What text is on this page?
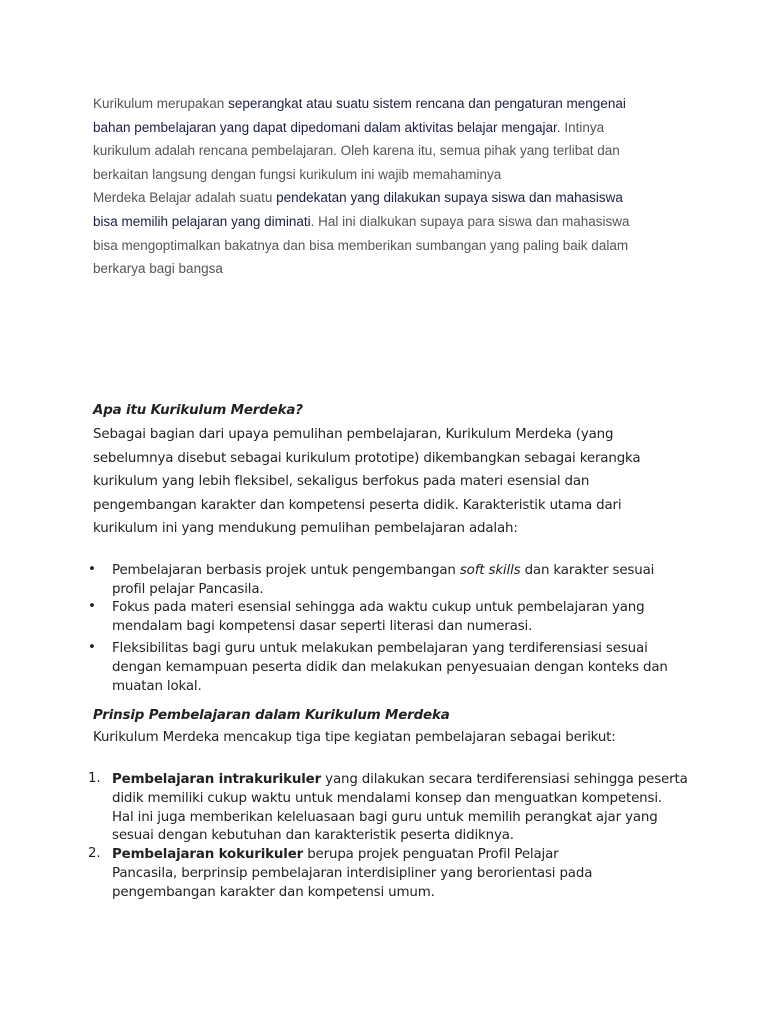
Kurikulum merupakan seperangkat atau suatu sistem rencana dan pengaturan mengenai
bahan pembelajaran yang dapat dipedomani dalam aktivitas belajar mengajar. Intinya
kurikulum adalah rencana pembelajaran. Oleh karena itu, semua pihak yang terlibat dan
berkaitan langsung dengan fungsi kurikulum ini wajib memahaminya
Merdeka Belajar adalah suatu pendekatan yang dilakukan supaya siswa dan mahasiswa
bisa memilih pelajaran yang diminati. Hal ini dialkukan supaya para siswa dan mahasiswa
bisa mengoptimalkan bakatnya dan bisa memberikan sumbangan yang paling baik dalam
berkarya bagi bangsa
Apa itu Kurikulum Merdeka?
Sebagai bagian dari upaya pemulihan pembelajaran, Kurikulum Merdeka (yang
sebelumnya disebut sebagai kurikulum prototipe) dikembangkan sebagai kerangka
kurikulum yang lebih fleksibel, sekaligus berfokus pada materi esensial dan
pengembangan karakter dan kompetensi peserta didik. Karakteristik utama dari
kurikulum ini yang mendukung pemulihan pembelajaran adalah:
•	Pembelajaran berbasis projek untuk pengembangan soft skills dan karakter sesuai
profil pelajar Pancasila.
•	Fokus pada materi esensial sehingga ada waktu cukup untuk pembelajaran yang
mendalam bagi kompetensi dasar seperti literasi dan numerasi.
•	Fleksibilitas bagi guru untuk melakukan pembelajaran yang terdiferensiasi sesuai
dengan kemampuan peserta didik dan melakukan penyesuaian dengan konteks dan
muatan lokal.
Prinsip Pembelajaran dalam Kurikulum Merdeka
Kurikulum Merdeka mencakup tiga tipe kegiatan pembelajaran sebagai berikut:
1. Pembelajaran intrakurikuler yang dilakukan secara terdiferensiasi sehingga peserta
didik memiliki cukup waktu untuk mendalami konsep dan menguatkan kompetensi.
Hal ini juga memberikan keleluasaan bagi guru untuk memilih perangkat ajar yang
sesuai dengan kebutuhan dan karakteristik peserta didiknya.
2. Pembelajaran kokurikuler berupa projek penguatan Profil Pelajar
Pancasila, berprinsip pembelajaran interdisipliner yang berorientasi pada
pengembangan karakter dan kompetensi umum.
